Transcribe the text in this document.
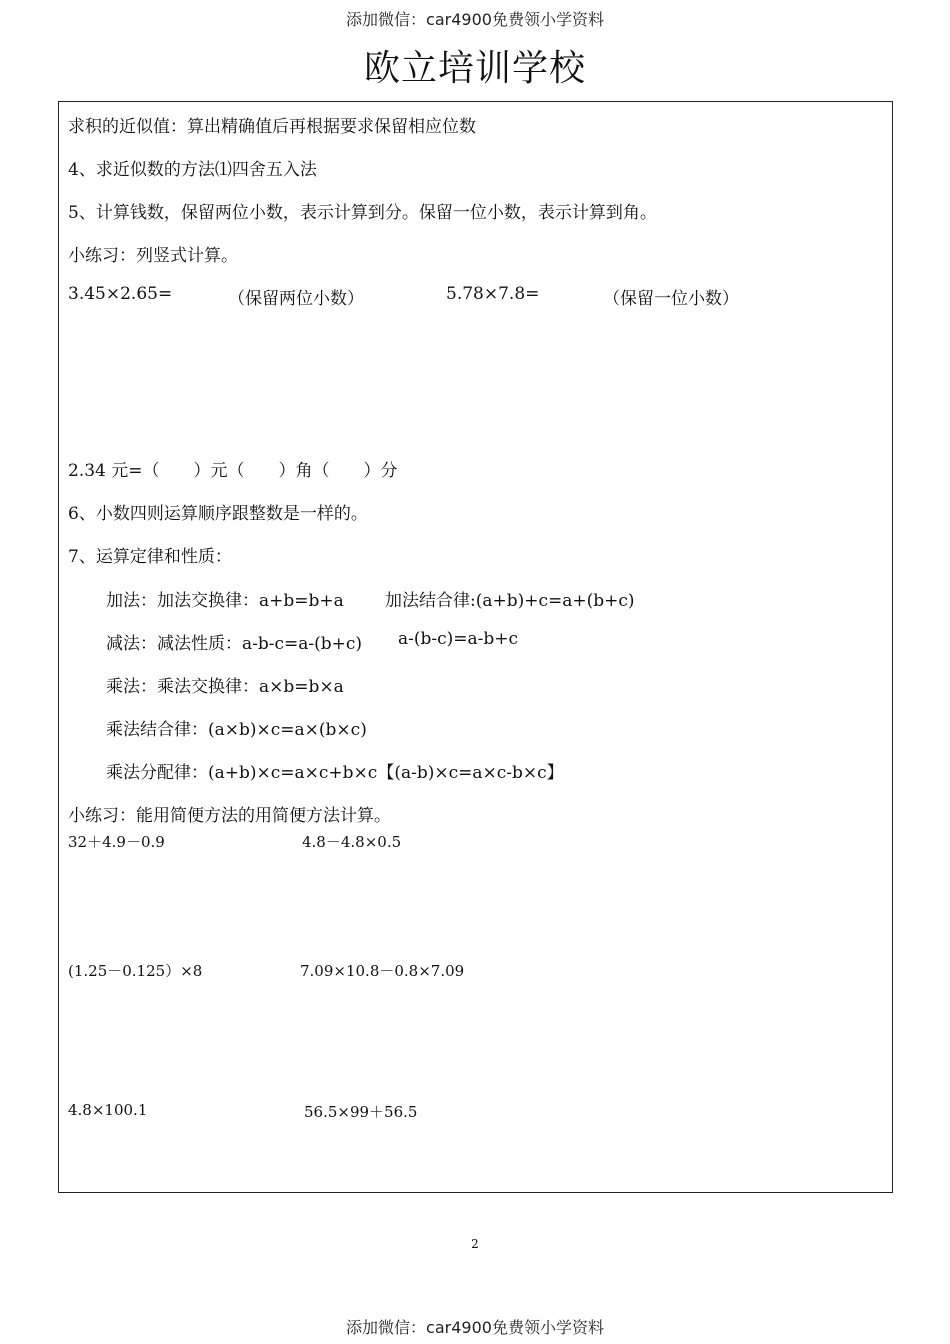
添加微信：car4900免费领小学资料
欧立培训学校
求积的近似值：算出精确值后再根据要求保留相应位数
4、求近似数的方法⑴四舍五入法
5、计算钱数，保留两位小数，表示计算到分。保留一位小数，表示计算到角。
小练习：列竖式计算。
3.45×2.65=	（保留两位小数）	5.78×7.8=	（保留一位小数）
2.34 元=（　　）元（　　）角（　　）分
6、小数四则运算顺序跟整数是一样的。
7、运算定律和性质：
加法：加法交换律：a+b=b+a 加法结合律:(a+b)+c=a+(b+c)
减法：减法性质：a-b-c=a-(b+c) a-(b-c)=a-b+c
乘法：乘法交换律：a×b=b×a
乘法结合律：(a×b)×c=a×(b×c)
乘法分配律：(a+b)×c=a×c+b×c【(a-b)×c=a×c-b×c】
小练习：能用简便方法的用简便方法计算。
32＋4.9－0.9	4.8－4.8×0.5
(1.25－0.125）×8	7.09×10.8－0.8×7.09
4.8×100.1	56.5×99＋56.5
2
添加微信：car4900免费领小学资料
